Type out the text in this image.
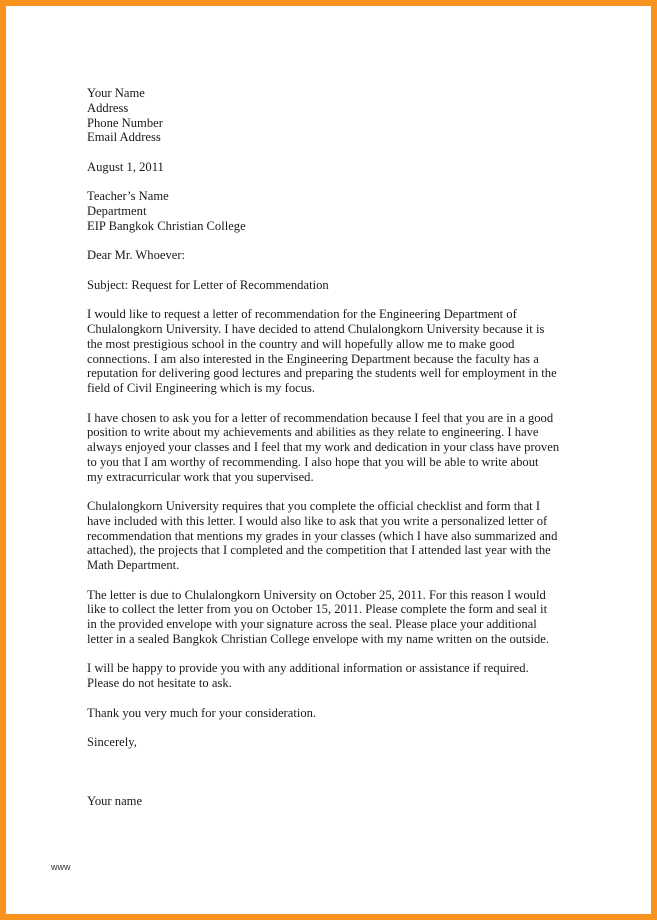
Your Name

Address

Phone Number

Email Address

August 1, 2011

Teacher’s Name

Department

EIP Bangkok Christian College

Dear Mr. Whoever:

Subject: Request for Letter of Recommendation

I would like to request a letter of recommendation for the Engineering Department of
Chulalongkorn University. I have decided to attend Chulalongkorn University because it is
the most prestigious school in the country and will hopefully allow me to make good
connections. I am also interested in the Engineering Department because the faculty has a
reputation for delivering good lectures and preparing the students well for employment in the
field of Civil Engineering which is my focus.
I have chosen to ask you for a letter of recommendation because I feel that you are in a good
position to write about my achievements and abilities as they relate to engineering. I have
always enjoyed your classes and I feel that my work and dedication in your class have proven
to you that I am worthy of recommending. I also hope that you will be able to write about
my extracurricular work that you supervised.
Chulalongkorn University requires that you complete the official checklist and form that I
have included with this letter. I would also like to ask that you write a personalized letter of
recommendation that mentions my grades in your classes (which I have also summarized and
attached), the projects that I completed and the competition that I attended last year with the
Math Department.
The letter is due to Chulalongkorn University on October 25, 2011. For this reason I would
like to collect the letter from you on October 15, 2011. Please complete the form and seal it
in the provided envelope with your signature across the seal. Please place your additional
letter in a sealed Bangkok Christian College envelope with my name written on the outside.
I will be happy to provide you with any additional information or assistance if required.
Please do not hesitate to ask.
Thank you very much for your consideration.

Sincerely,

Your name

www
